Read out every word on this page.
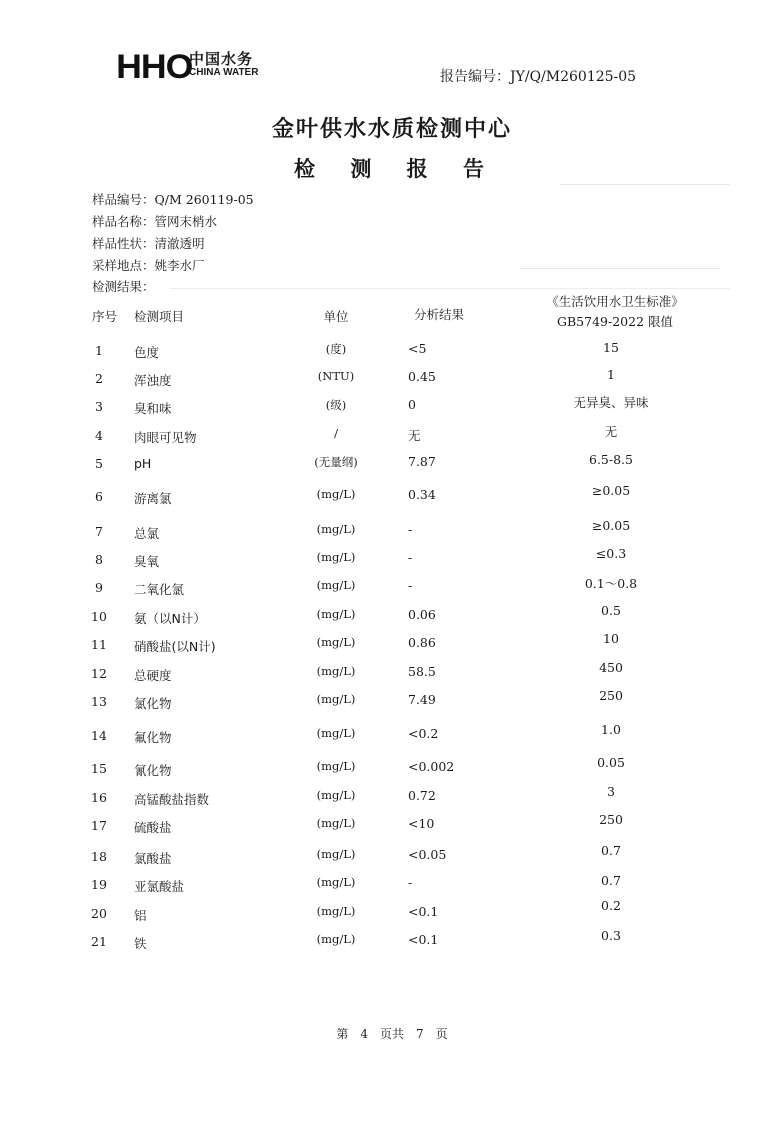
HHO
中国水务
CHINA WATER	报告编号：JY/Q/M260125-05
金叶供水水质检测中心
检 测 报 告
样品编号：Q/M 260119-05
样品名称：管网末梢水
样品性状：清澈透明
采样地点：姚李水厂
检测结果：
序号 检测项目	单位	分析结果
《生活饮用水卫生标准》
GB5749-2022 限值
1	色度	(度)	<5	15
2	浑浊度	(NTU)	0.45	1
3	臭和味	(级)	0	无异臭、异味
4	肉眼可见物	/	无	无
5	pH	(无量纲)	7.87	6.5-8.5
6	游离氯	(mg/L)	0.34	≥0.05
7	总氯	(mg/L)	-	≥0.05
8	臭氧	(mg/L)	-	≤0.3
9	二氧化氯	(mg/L)	-	0.1～0.8
10 氨（以N计）	(mg/L)	0.06	0.5
11 硝酸盐(以N计)	(mg/L)	0.86	10
12 总硬度	(mg/L)	58.5	450
13 氯化物	(mg/L)	7.49	250
14 氟化物	(mg/L)	<0.2	1.0
15 氰化物	(mg/L)	<0.002	0.05
16 高锰酸盐指数	(mg/L)	0.72	3
17 硫酸盐	(mg/L)	<10	250
18 氯酸盐	(mg/L)	<0.05	0.7
19 亚氯酸盐	(mg/L)	-	0.7
20 铝	(mg/L)	<0.1	0.2
21 铁	(mg/L)	<0.1	0.3
第 4 页共 7 页
